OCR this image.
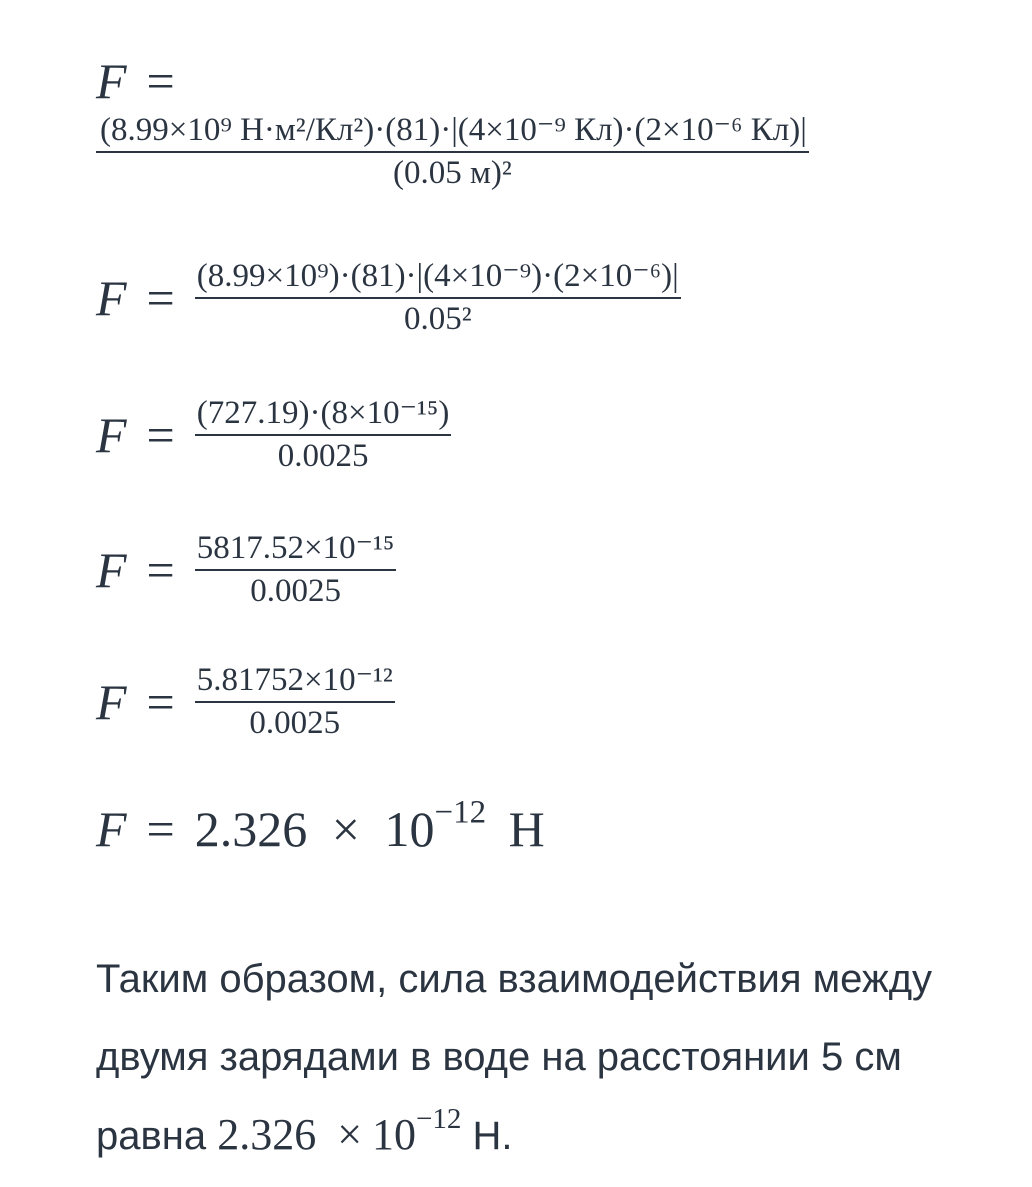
F =
$\frac{\text{(8.99×10⁹ Н·м²/Кл²)·(81)·|(4×10⁻⁹ Кл)·(2×10⁻⁶ Кл)|}}{\text{(0.05 м)²}}$
$F = \frac{\text{(8.99×10⁹)·(81)·|(4×10⁻⁹)·(2×10⁻⁶)|}}{\text{0.05²}}$
$F = \frac{\text{(727.19)·(8×10⁻¹⁵)}}{0.0025}$
$F = \frac{\text{5817.52×10⁻¹⁵}}{0.0025}$
$F = \frac{\text{5.81752×10⁻¹²}}{0.0025}$
$F = 2.326 \times 10^{-12}$ Н
Таким образом, сила взаимодействия между двумя зарядами в воде на расстоянии 5 см равна $2.326 \times 10^{-12}$ Н.
